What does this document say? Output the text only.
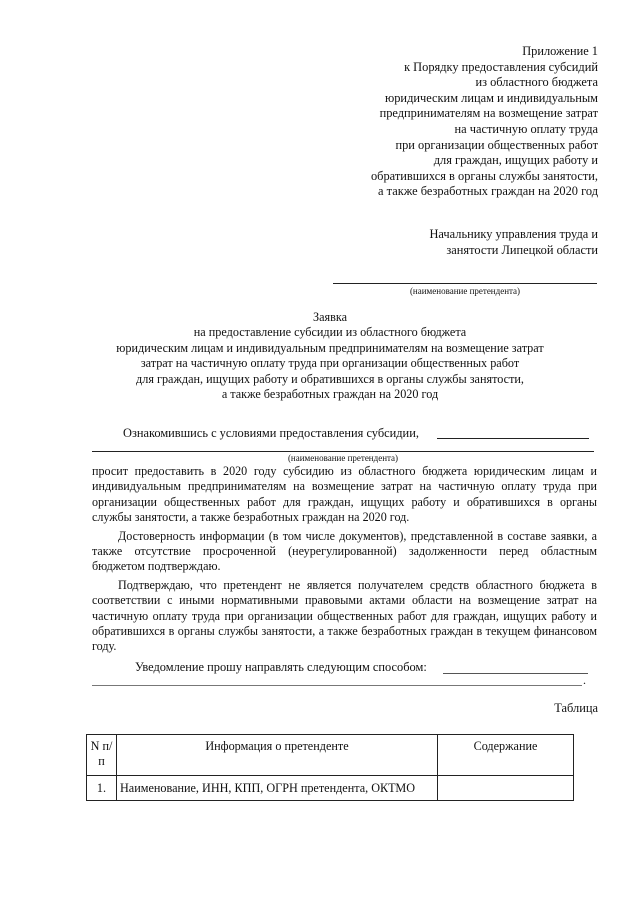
Приложение 1
к Порядку предоставления субсидий
из областного бюджета
юридическим лицам и индивидуальным
предпринимателям на возмещение затрат
на частичную оплату труда
при организации общественных работ
для граждан, ищущих работу и
обратившихся в органы службы занятости,
а также безработных граждан на 2020 год
Начальнику управления труда и
занятости Липецкой области
(наименование претендента)
Заявка
на предоставление субсидии из областного бюджета
юридическим лицам и индивидуальным предпринимателям на возмещение затрат
затрат на частичную оплату труда при организации общественных работ
для граждан, ищущих работу и обратившихся в органы службы занятости,
а также безработных граждан на 2020 год
Ознакомившись с условиями предоставления субсидии,
(наименование претендента)

просит предоставить в 2020 году субсидию из областного бюджета юридическим лицам и индивидуальным предпринимателям на возмещение затрат на частичную оплату труда при организации общественных работ для граждан, ищущих работу и обратившихся в органы службы занятости, а также безработных граждан на 2020 год.

Достоверность информации (в том числе документов), представленной в составе заявки, а также отсутствие просроченной (неурегулированной) задолженности перед областным бюджетом подтверждаю.

Подтверждаю, что претендент не является получателем средств областного бюджета в соответствии с иными нормативными правовыми актами области на возмещение затрат на частичную оплату труда при организации общественных работ для граждан, ищущих работу и обратившихся в органы службы занятости, а также безработных граждан в текущем финансовом году.

Уведомление прошу направлять следующим способом:
.
Таблица
N п/п	Информация о претенденте	Содержание
1.	Наименование, ИНН, КПП, ОГРН претендента, ОКТМО	
